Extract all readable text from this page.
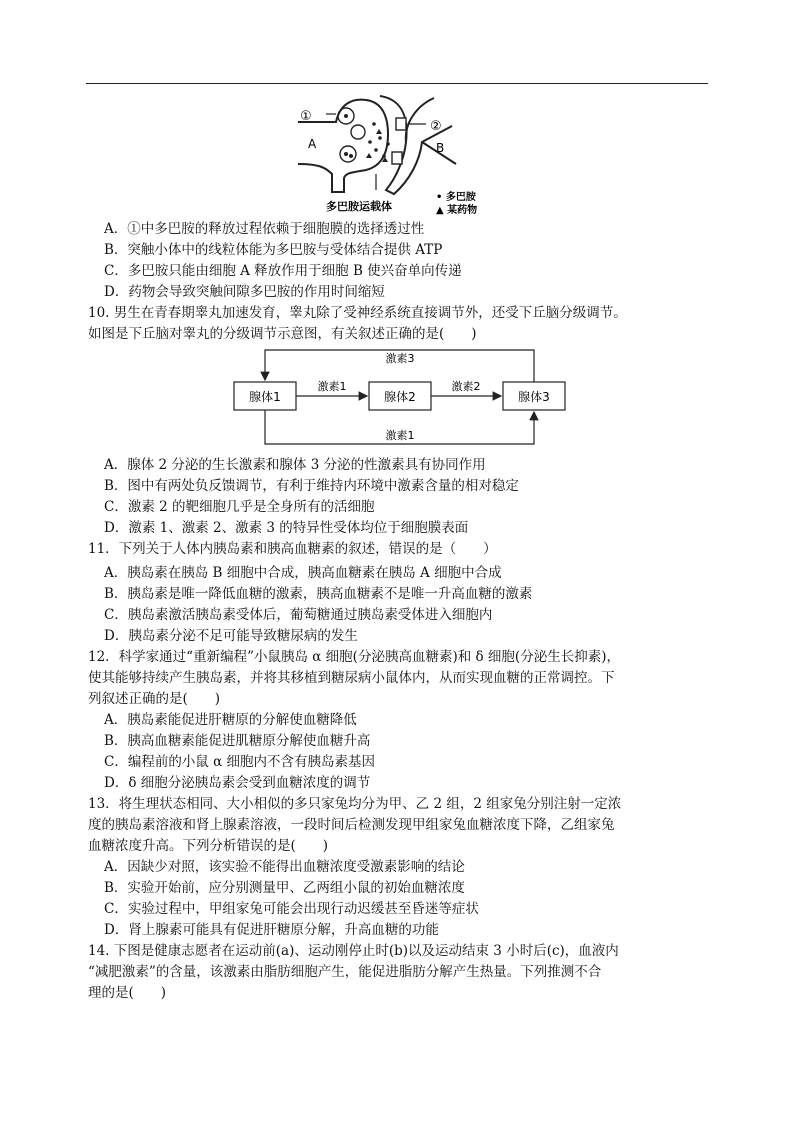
①
②
A	B
多巴胺运载体
• 多巴胺
▲ 某药物
A．①中多巴胺的释放过程依赖于细胞膜的选择透过性
B．突触小体中的线粒体能为多巴胺与受体结合提供 ATP
C．多巴胺只能由细胞 A 释放作用于细胞 B 使兴奋单向传递
D．药物会导致突触间隙多巴胺的作用时间缩短
10. 男生在青春期睾丸加速发育，睾丸除了受神经系统直接调节外，还受下丘脑分级调节。
如图是下丘脑对睾丸的分级调节示意图，有关叙述正确的是(　　)
腺体1	腺体2	腺体3
激素1	激素2
激素3
激素1
A．腺体 2 分泌的生长激素和腺体 3 分泌的性激素具有协同作用
B．图中有两处负反馈调节，有利于维持内环境中激素含量的相对稳定
C．激素 2 的靶细胞几乎是全身所有的活细胞
D．激素 1、激素 2、激素 3 的特异性受体均位于细胞膜表面
11．下列关于人体内胰岛素和胰高血糖素的叙述，错误的是（　　）
A．胰岛素在胰岛 B 细胞中合成，胰高血糖素在胰岛 A 细胞中合成
B．胰岛素是唯一降低血糖的激素，胰高血糖素不是唯一升高血糖的激素
C．胰岛素激活胰岛素受体后，葡萄糖通过胰岛素受体进入细胞内
D．胰岛素分泌不足可能导致糖尿病的发生
12．科学家通过“重新编程”小鼠胰岛 α 细胞(分泌胰高血糖素)和 δ 细胞(分泌生长抑素)，
使其能够持续产生胰岛素，并将其移植到糖尿病小鼠体内，从而实现血糖的正常调控。下
列叙述正确的是(　　)
A．胰岛素能促进肝糖原的分解使血糖降低
B．胰高血糖素能促进肌糖原分解使血糖升高
C．编程前的小鼠 α 细胞内不含有胰岛素基因
D．δ 细胞分泌胰岛素会受到血糖浓度的调节
13．将生理状态相同、大小相似的多只家兔均分为甲、乙 2 组，2 组家兔分别注射一定浓
度的胰岛素溶液和肾上腺素溶液，一段时间后检测发现甲组家兔血糖浓度下降，乙组家兔
血糖浓度升高。下列分析错误的是(　　)
A．因缺少对照，该实验不能得出血糖浓度受激素影响的结论
B．实验开始前，应分别测量甲、乙两组小鼠的初始血糖浓度
C．实验过程中，甲组家兔可能会出现行动迟缓甚至昏迷等症状
D．肾上腺素可能具有促进肝糖原分解，升高血糖的功能
14. 下图是健康志愿者在运动前(a)、运动刚停止时(b)以及运动结束 3 小时后(c)，血液内
“减肥激素”的含量，该激素由脂肪细胞产生，能促进脂肪分解产生热量。下列推测不合
理的是(　　)
